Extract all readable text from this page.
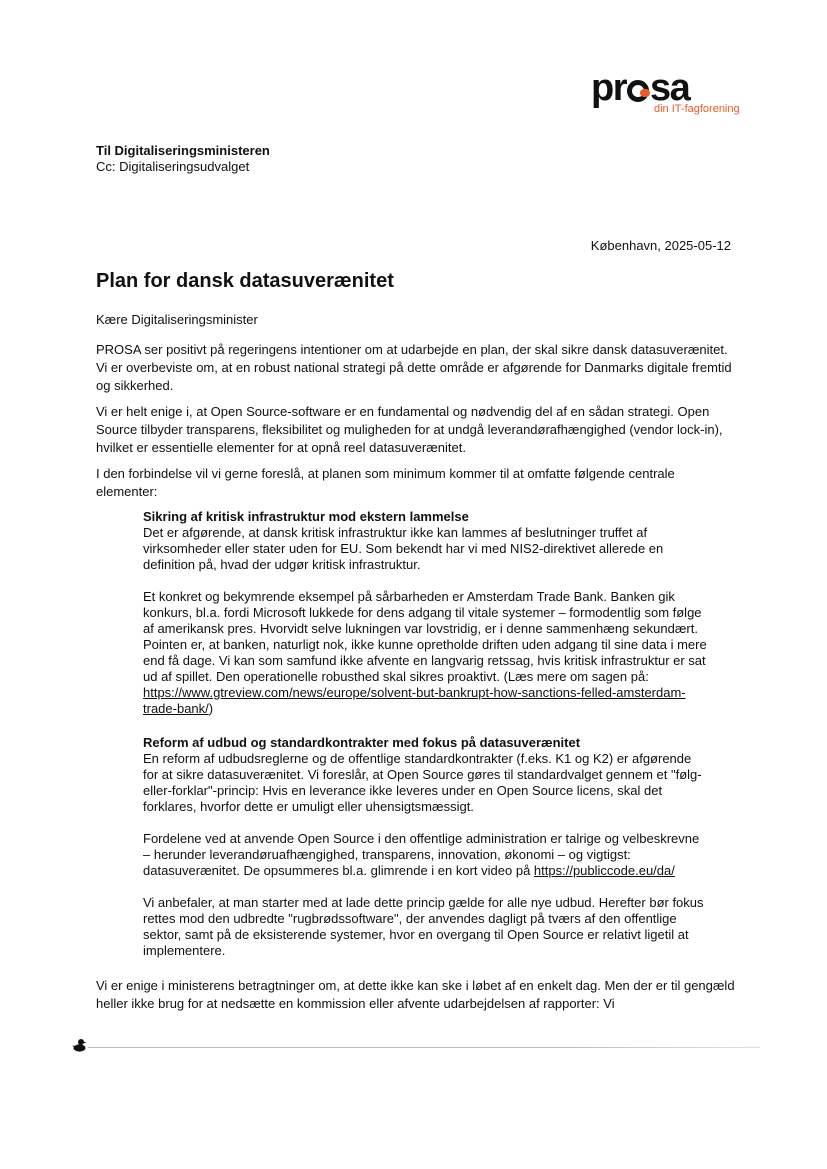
pr sa
din IT-fagforening
Til Digitaliseringsministeren
Cc: Digitaliseringsudvalget
København, 2025-05-12
Plan for dansk datasuverænitet

Kære Digitaliseringsminister

PROSA ser positivt på regeringens intentioner om at udarbejde en plan, der skal sikre dansk datasuverænitet. Vi er overbeviste om, at en robust national strategi på dette område er afgørende for Danmarks digitale fremtid og sikkerhed.

Vi er helt enige i, at Open Source-software er en fundamental og nødvendig del af en sådan strategi. Open Source tilbyder transparens, fleksibilitet og muligheden for at undgå leverandørafhængighed (vendor lock-in), hvilket er essentielle elementer for at opnå reel datasuverænitet.

I den forbindelse vil vi gerne foreslå, at planen som minimum kommer til at omfatte følgende centrale elementer:

Sikring af kritisk infrastruktur mod ekstern lammelse

Det er afgørende, at dansk kritisk infrastruktur ikke kan lammes af beslutninger truffet af virksomheder eller stater uden for EU. Som bekendt har vi med NIS2-direktivet allerede en definition på, hvad der udgør kritisk infrastruktur.

Et konkret og bekymrende eksempel på sårbarheden er Amsterdam Trade Bank. Banken gik konkurs, bl.a. fordi Microsoft lukkede for dens adgang til vitale systemer – formodentlig som følge af amerikansk pres. Hvorvidt selve lukningen var lovstridig, er i denne sammenhæng sekundært. Pointen er, at banken, naturligt nok, ikke kunne opretholde driften uden adgang til sine data i mere end få dage. Vi kan som samfund ikke afvente en langvarig retssag, hvis kritisk infrastruktur er sat ud af spillet. Den operationelle robusthed skal sikres proaktivt. (Læs mere om sagen på: https://www.gtreview.com/news/europe/solvent-but-bankrupt-how-sanctions-felled-amsterdam-trade-bank/)

Reform af udbud og standardkontrakter med fokus på datasuverænitet

En reform af udbudsreglerne og de offentlige standardkontrakter (f.eks. K1 og K2) er afgørende for at sikre datasuverænitet. Vi foreslår, at Open Source gøres til standardvalget gennem et "følg-eller-forklar"-princip: Hvis en leverance ikke leveres under en Open Source licens, skal det forklares, hvorfor dette er umuligt eller uhensigtsmæssigt.

Fordelene ved at anvende Open Source i den offentlige administration er talrige og velbeskrevne – herunder leverandøruafhængighed, transparens, innovation, økonomi – og vigtigst: datasuverænitet. De opsummeres bl.a. glimrende i en kort video på https://publiccode.eu/da/

Vi anbefaler, at man starter med at lade dette princip gælde for alle nye udbud. Herefter bør fokus rettes mod den udbredte "rugbrødssoftware", der anvendes dagligt på tværs af den offentlige sektor, samt på de eksisterende systemer, hvor en overgang til Open Source er relativt ligetil at implementere.

Vi er enige i ministerens betragtninger om, at dette ikke kan ske i løbet af en enkelt dag. Men der er til gengæld heller ikke brug for at nedsætte en kommission eller afvente udarbejdelsen af rapporter: Vi
